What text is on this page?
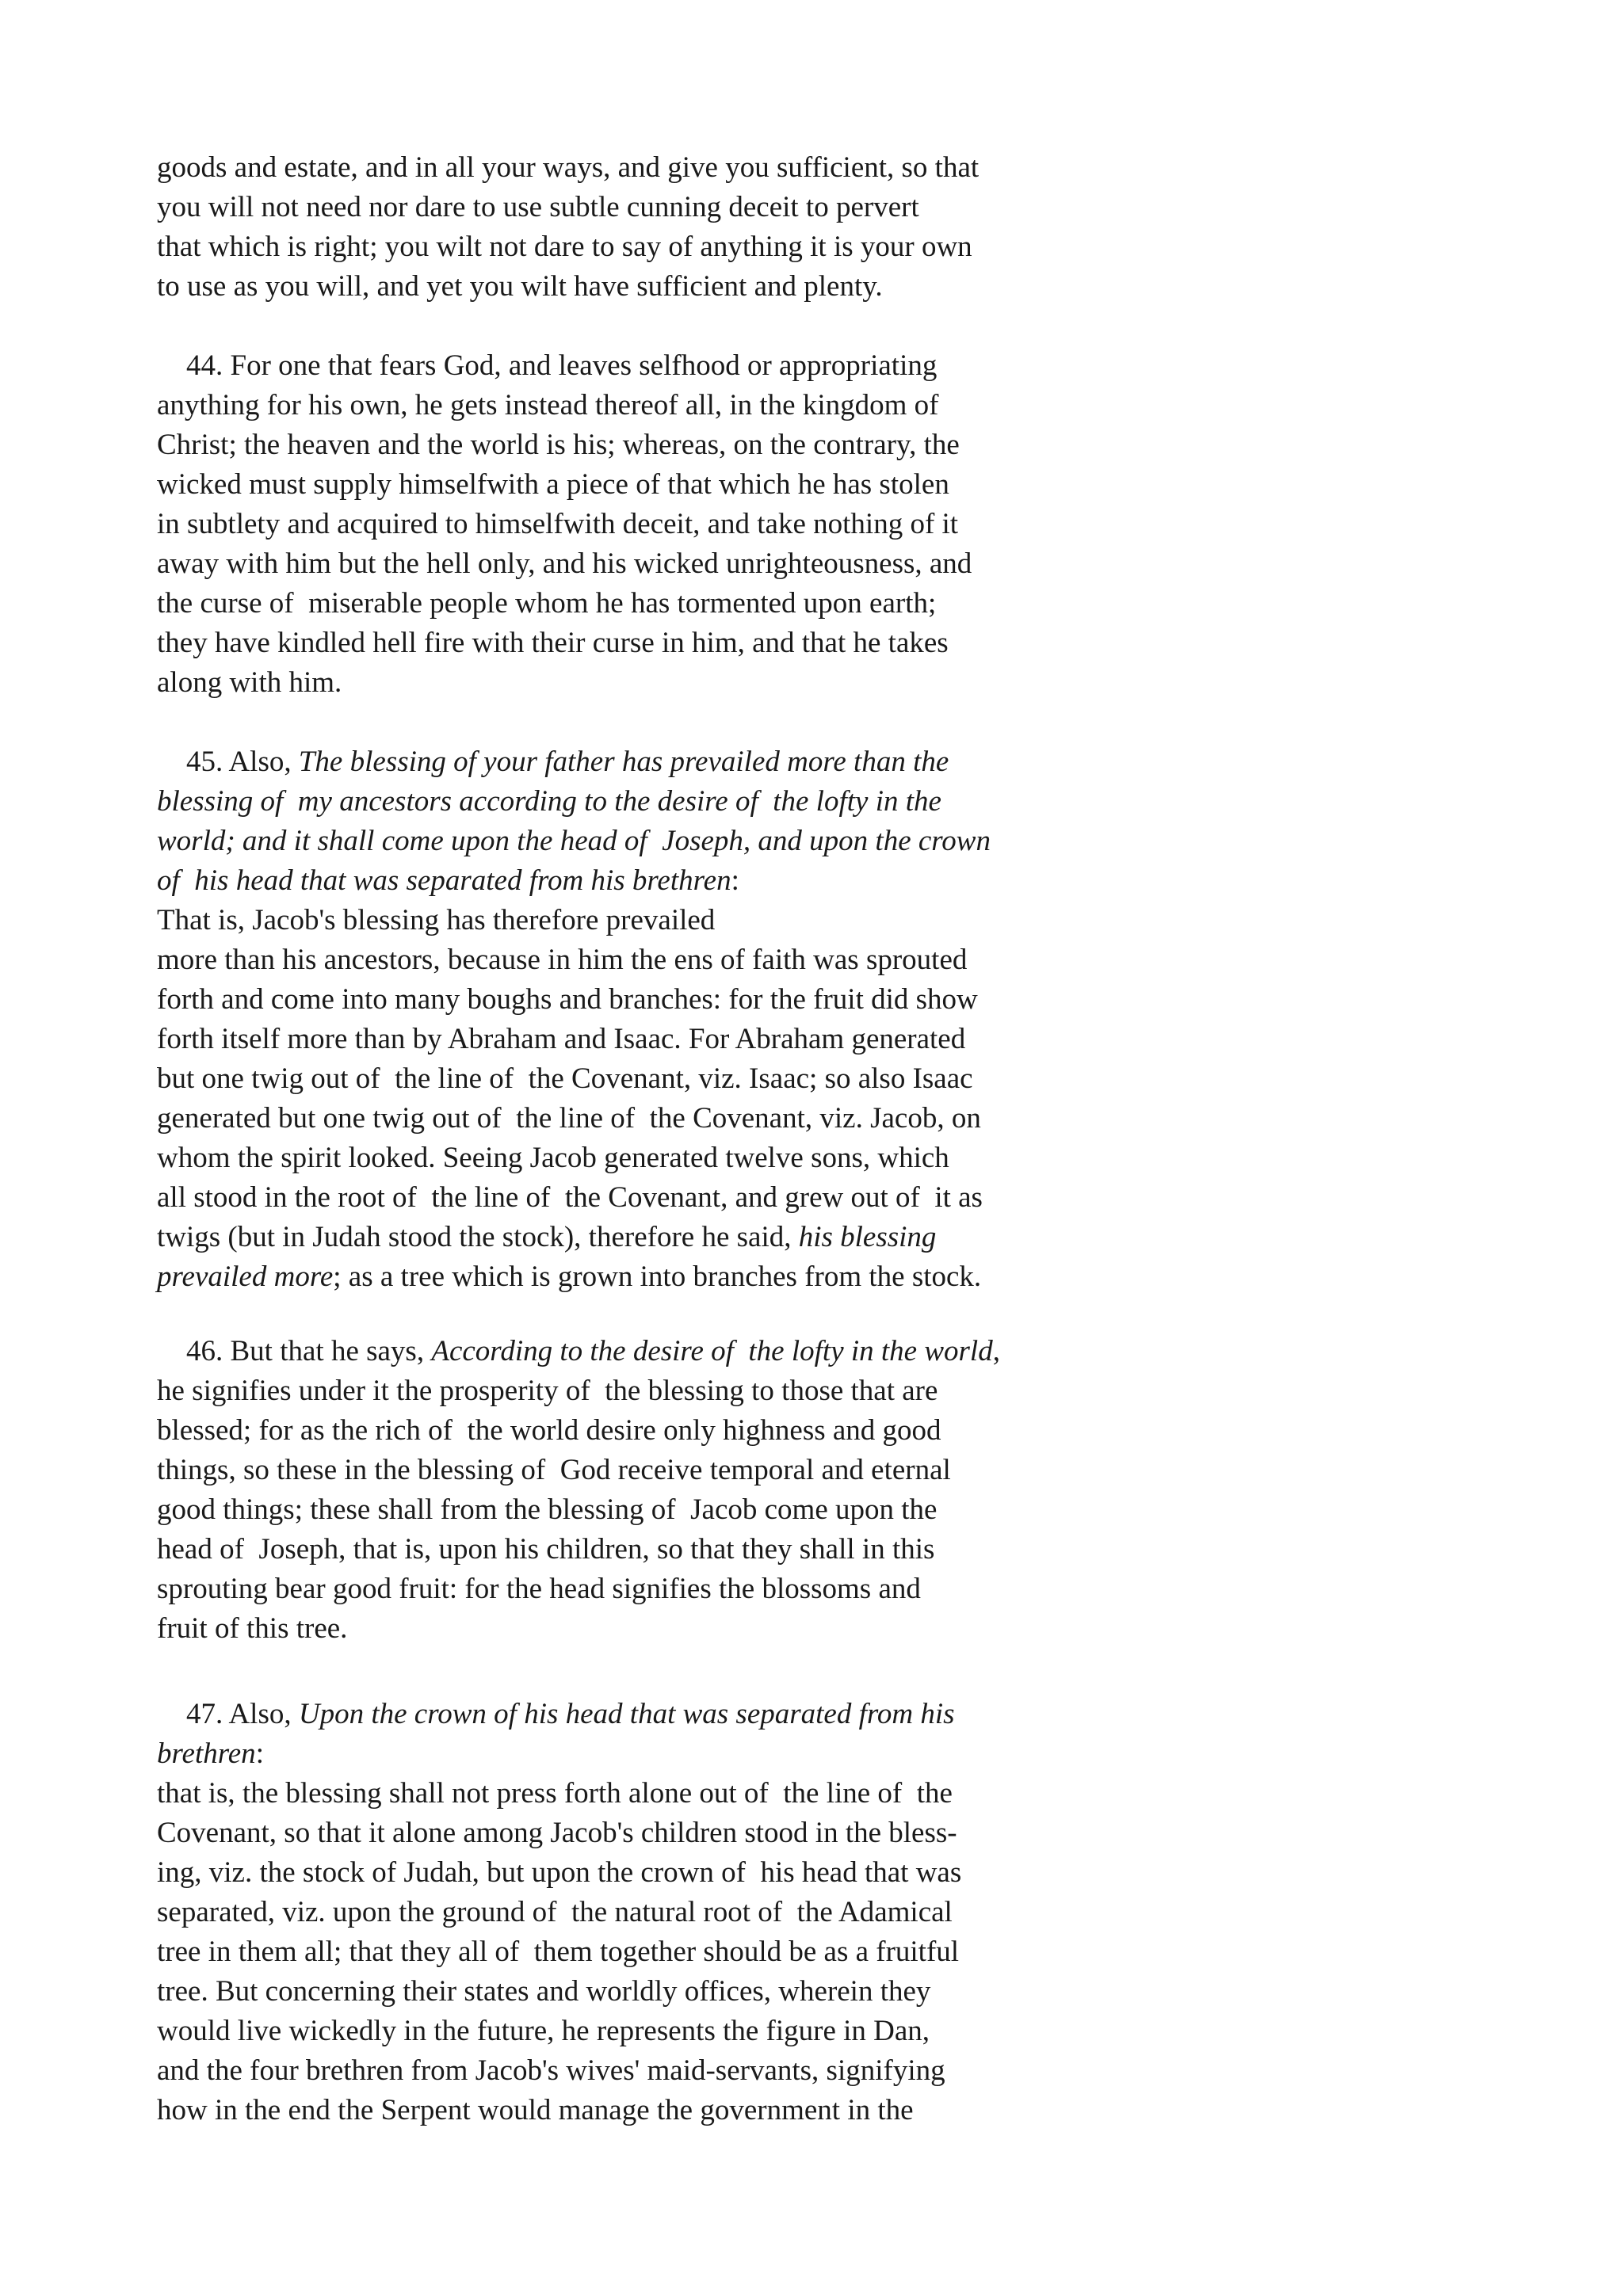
goods and estate, and in all your ways, and give you sufficient, so that
you will not need nor dare to use subtle cunning deceit to pervert
that which is right; you wilt not dare to say of anything it is your own
to use as you will, and yet you wilt have sufficient and plenty.
44. For one that fears God, and leaves selfhood or appropriating
anything for his own, he gets instead thereof all, in the kingdom of
Christ; the heaven and the world is his; whereas, on the contrary, the
wicked must supply himselfwith a piece of that which he has stolen
in subtlety and acquired to himselfwith deceit, and take nothing of it
away with him but the hell only, and his wicked unrighteousness, and
the curse of  miserable people whom he has tormented upon earth;
they have kindled hell fire with their curse in him, and that he takes
along with him.
45. Also, The blessing of your father has prevailed more than the
blessing of  my ancestors according to the desire of  the lofty in the
world; and it shall come upon the head of  Joseph, and upon the crown
of  his head that was separated from his brethren:
That is, Jacob's blessing has therefore prevailed
more than his ancestors, because in him the ens of faith was sprouted
forth and come into many boughs and branches: for the fruit did show
forth itself more than by Abraham and Isaac. For Abraham generated
but one twig out of  the line of  the Covenant, viz. Isaac; so also Isaac
generated but one twig out of  the line of  the Covenant, viz. Jacob, on
whom the spirit looked. Seeing Jacob generated twelve sons, which
all stood in the root of  the line of  the Covenant, and grew out of  it as
twigs (but in Judah stood the stock), therefore he said, his blessing
prevailed more; as a tree which is grown into branches from the stock.
46. But that he says, According to the desire of  the lofty in the world,
he signifies under it the prosperity of  the blessing to those that are
blessed; for as the rich of  the world desire only highness and good
things, so these in the blessing of  God receive temporal and eternal
good things; these shall from the blessing of  Jacob come upon the
head of  Joseph, that is, upon his children, so that they shall in this
sprouting bear good fruit: for the head signifies the blossoms and
fruit of this tree.
47. Also, Upon the crown of his head that was separated from his
brethren:
that is, the blessing shall not press forth alone out of  the line of  the
Covenant, so that it alone among Jacob's children stood in the bless-
ing, viz. the stock of Judah, but upon the crown of  his head that was
separated, viz. upon the ground of  the natural root of  the Adamical
tree in them all; that they all of  them together should be as a fruitful
tree. But concerning their states and worldly offices, wherein they
would live wickedly in the future, he represents the figure in Dan,
and the four brethren from Jacob's wives' maid-servants, signifying
how in the end the Serpent would manage the government in the
